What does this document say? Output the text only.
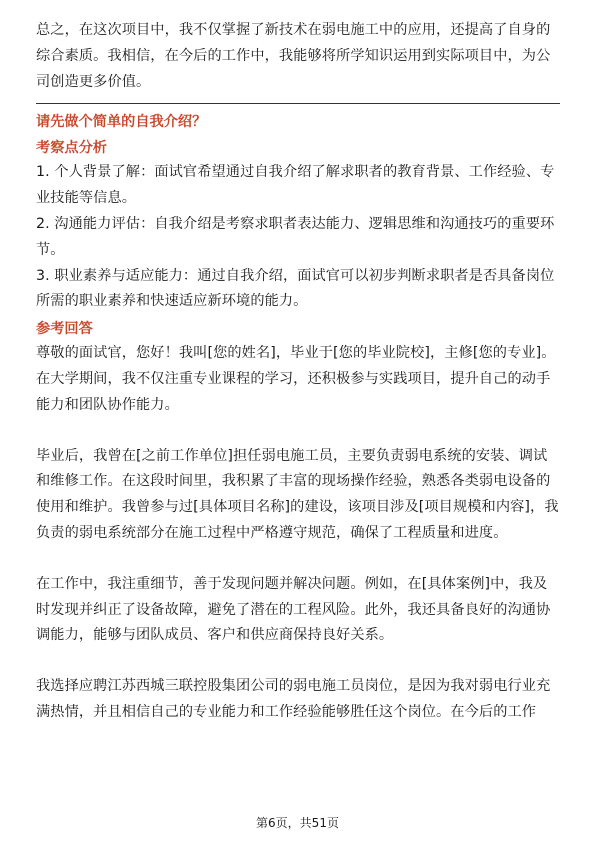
总之，在这次项目中，我不仅掌握了新技术在弱电施工中的应用，还提高了自身的
综合素质。我相信，在今后的工作中，我能够将所学知识运用到实际项目中，为公
司创造更多价值。
请先做个简单的自我介绍？
考察点分析
1. 个人背景了解：面试官希望通过自我介绍了解求职者的教育背景、工作经验、专
业技能等信息。
2. 沟通能力评估：自我介绍是考察求职者表达能力、逻辑思维和沟通技巧的重要环
节。
3. 职业素养与适应能力：通过自我介绍，面试官可以初步判断求职者是否具备岗位
所需的职业素养和快速适应新环境的能力。
参考回答
尊敬的面试官，您好！我叫[您的姓名]，毕业于[您的毕业院校]，主修[您的专业]。
在大学期间，我不仅注重专业课程的学习，还积极参与实践项目，提升自己的动手
能力和团队协作能力。
毕业后，我曾在[之前工作单位]担任弱电施工员，主要负责弱电系统的安装、调试
和维修工作。在这段时间里，我积累了丰富的现场操作经验，熟悉各类弱电设备的
使用和维护。我曾参与过[具体项目名称]的建设，该项目涉及[项目规模和内容]，我
负责的弱电系统部分在施工过程中严格遵守规范，确保了工程质量和进度。
在工作中，我注重细节，善于发现问题并解决问题。例如，在[具体案例]中，我及
时发现并纠正了设备故障，避免了潜在的工程风险。此外，我还具备良好的沟通协
调能力，能够与团队成员、客户和供应商保持良好关系。
我选择应聘江苏西城三联控股集团公司的弱电施工员岗位，是因为我对弱电行业充
满热情，并且相信自己的专业能力和工作经验能够胜任这个岗位。在今后的工作
第6页，共51页
